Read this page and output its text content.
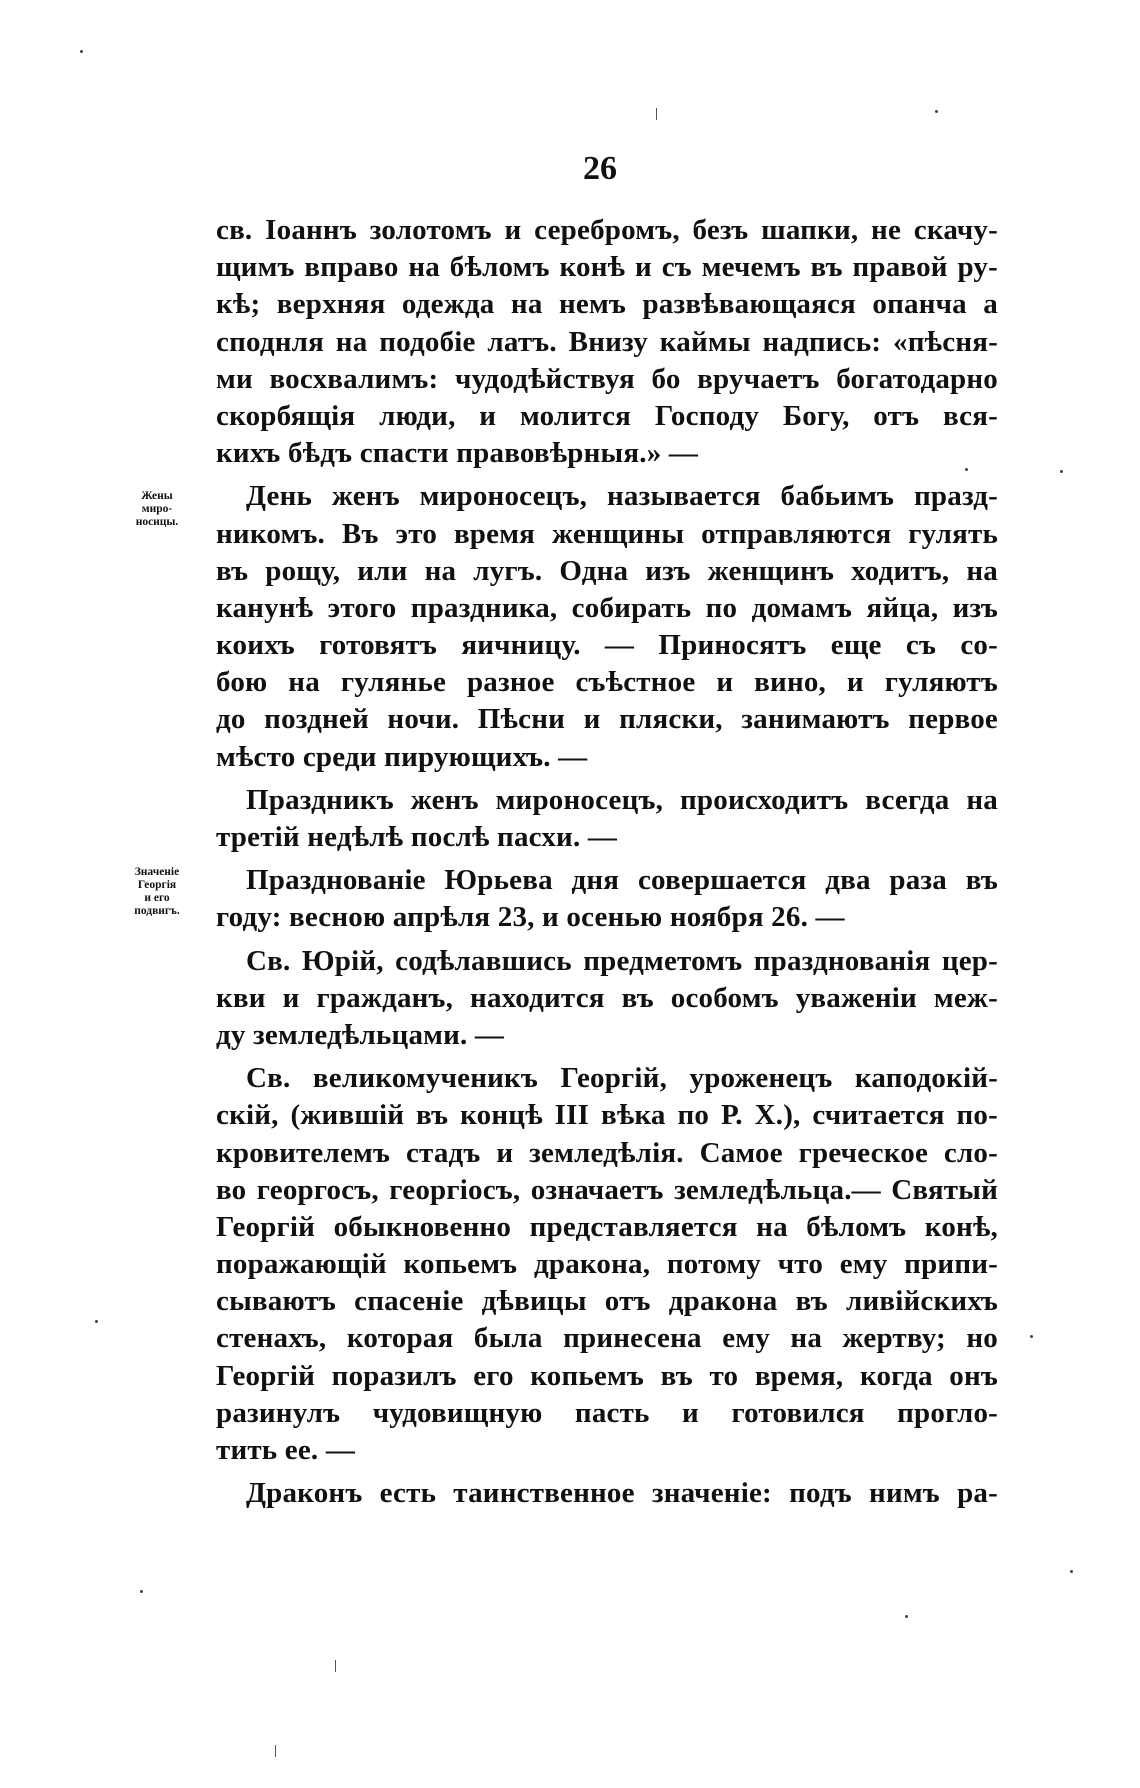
26
Жены
миро-
носицы.
Значеніе
Георгія
и его
подвигъ.
св. Іоаннъ золотомъ и серебромъ, безъ шапки, не скачу-
щимъ вправо на бѣломъ конѣ и съ мечемъ въ правой ру-
кѣ; верхняя одежда на немъ развѣвающаяся опанча а
споднля на подобіе латъ. Внизу каймы надпись: «пѣсня-
ми восхвалимъ: чудодѣйствуя бо вручаетъ богатодарно
скорбящія люди, и молится Господу Богу, отъ вся-
кихъ бѣдъ спасти правовѣрныя.» —
День женъ мироносецъ, называется бабьимъ празд-
никомъ. Въ это время женщины отправляются гулять
въ рощу, или на лугъ. Одна изъ женщинъ ходитъ, на
канунѣ этого праздника, собирать по домамъ яйца, изъ
коихъ готовятъ яичницу. — Приносятъ еще съ со-
бою на гулянье разное съѣстное и вино, и гуляютъ
до поздней ночи. Пѣсни и пляски, занимаютъ первое
мѣсто среди пирующихъ. —
Праздникъ женъ мироносецъ, происходитъ всегда на
третій недѣлѣ послѣ пасхи. —
Празднованіе Юрьева дня совершается два раза въ
году: весною апрѣля 23, и осенью ноября 26. —
Св. Юрій, содѣлавшись предметомъ празднованія цер-
кви и гражданъ, находится въ особомъ уваженіи меж-
ду земледѣльцами. —
Св. великомученикъ Георгій, уроженецъ каподокій-
скій, (жившій въ концѣ III вѣка по Р. Х.), считается по-
кровителемъ стадъ и земледѣлія. Самое греческое сло-
во георгосъ, георгіосъ, означаетъ земледѣльца.— Святый
Георгій обыкновенно представляется на бѣломъ конѣ,
поражающій копьемъ дракона, потому что ему припи-
сываютъ спасеніе дѣвицы отъ дракона въ ливійскихъ
стенахъ, которая была принесена ему на жертву; но
Георгій поразилъ его копьемъ въ то время, когда онъ
разинулъ чудовищную пасть и готовился прогло-
тить ее. —
Драконъ есть таинственное значеніе: подъ нимъ ра-
